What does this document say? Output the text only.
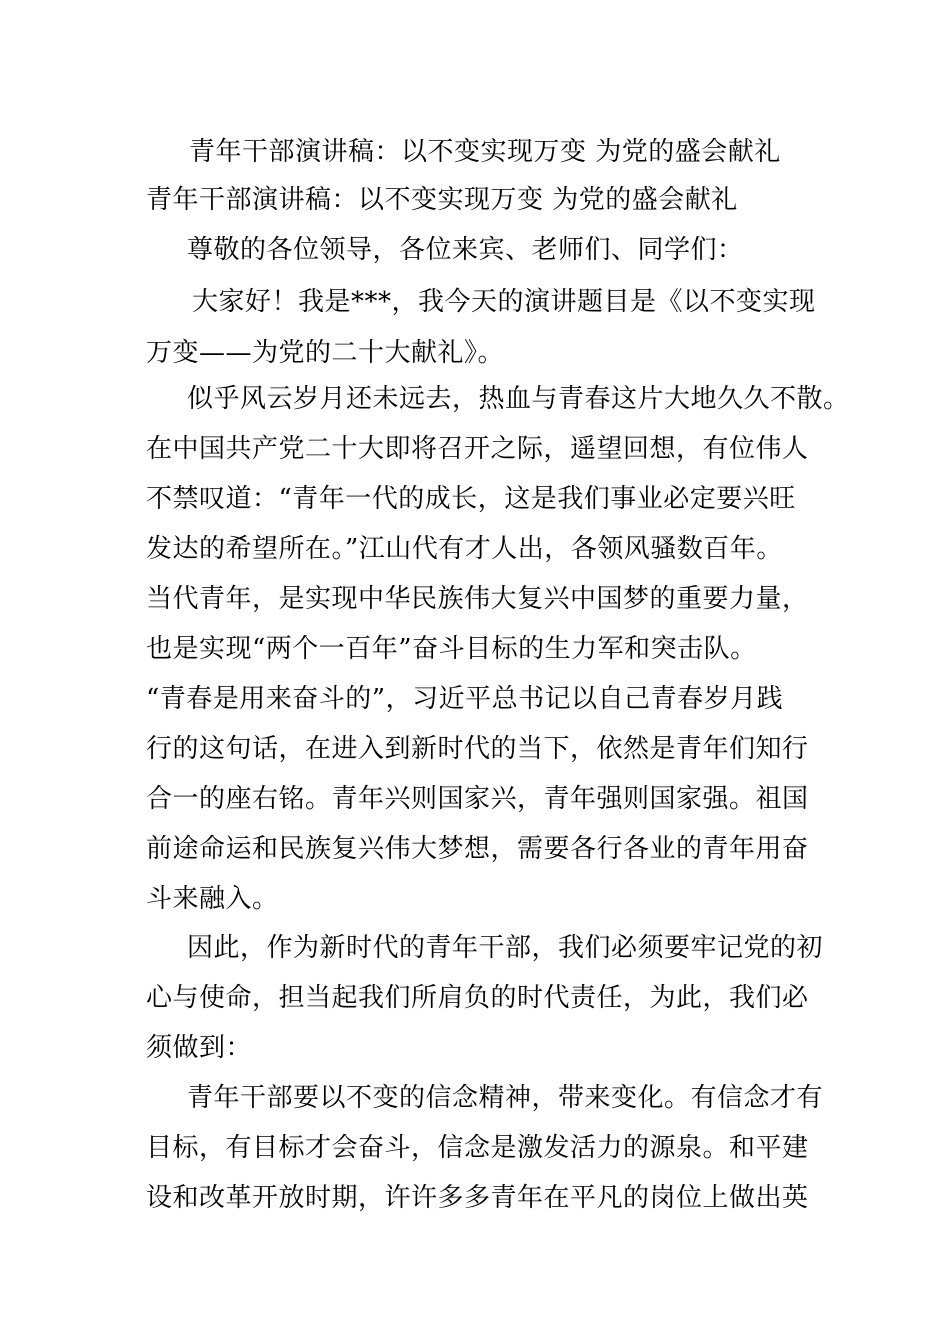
青年干部演讲稿：以不变实现万变 为党的盛会献礼
青年干部演讲稿：以不变实现万变 为党的盛会献礼
尊敬的各位领导，各位来宾、老师们、同学们：
大家好！我是***，我今天的演讲题目是《以不变实现
万变——为党的二十大献礼》。
似乎风云岁月还未远去，热血与青春这片大地久久不散。
在中国共产党二十大即将召开之际，遥望回想，有位伟人
不禁叹道：“青年一代的成长，这是我们事业必定要兴旺
发达的希望所在。”江山代有才人出，各领风骚数百年。
当代青年，是实现中华民族伟大复兴中国梦的重要力量，
也是实现“两个一百年”奋斗目标的生力军和突击队。
“青春是用来奋斗的”，习近平总书记以自己青春岁月践
行的这句话，在进入到新时代的当下，依然是青年们知行
合一的座右铭。青年兴则国家兴，青年强则国家强。祖国
前途命运和民族复兴伟大梦想，需要各行各业的青年用奋
斗来融入。
因此，作为新时代的青年干部，我们必须要牢记党的初
心与使命，担当起我们所肩负的时代责任，为此，我们必
须做到：
青年干部要以不变的信念精神，带来变化。有信念才有
目标，有目标才会奋斗，信念是激发活力的源泉。和平建
设和改革开放时期，许许多多青年在平凡的岗位上做出英
